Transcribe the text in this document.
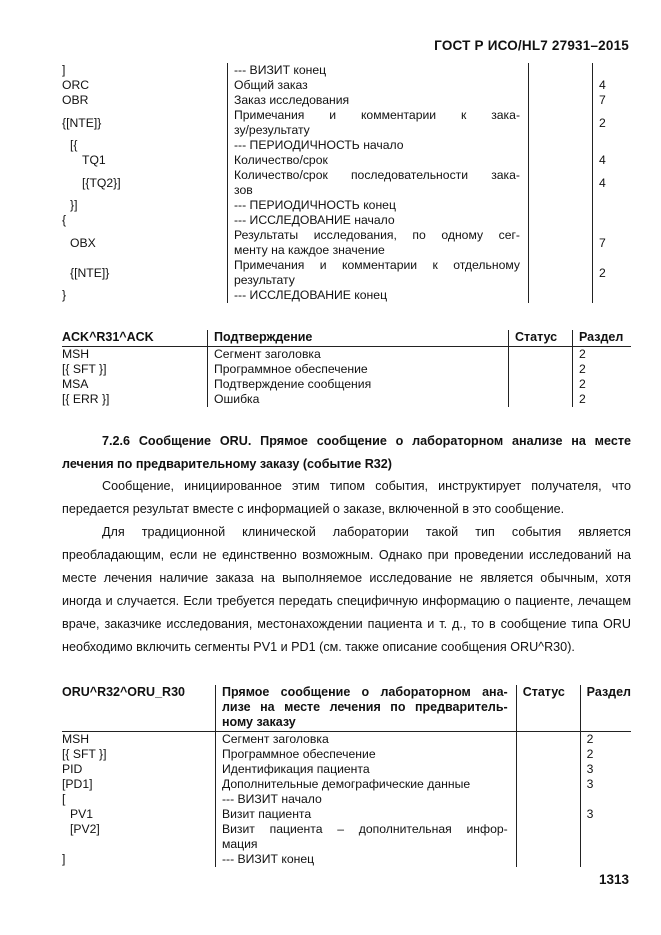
ГОСТ Р ИСО/HL7 27931–2015
]	--- ВИЗИТ конец		
ORC	Общий заказ		4
OBR	Заказ исследования		7
{[NTE]}	Примечания и комментарии к зака-
зу/результату		2
[{	--- ПЕРИОДИЧНОСТЬ начало		
TQ1	Количество/срок		4
[{TQ2}]	Количество/срок последовательности зака-
зов		4
}]	--- ПЕРИОДИЧНОСТЬ конец		
{	--- ИССЛЕДОВАНИЕ начало		
OBX	Результаты исследования, по одному сег-
менту на каждое значение		7
{[NTE]}	Примечания и комментарии к отдельному
результату		2
}	--- ИССЛЕДОВАНИЕ конец		
ACK^R31^ACK	Подтверждение	Статус	Раздел
MSH	Сегмент заголовка		2
[{ SFT }]	Программное обеспечение		2
MSA	Подтверждение сообщения		2
[{ ERR }]	Ошибка		2
7.2.6 Сообщение ORU. Прямое сообщение о лабораторном анализе на месте лечения по предварительному заказу (событие R32)
Сообщение, инициированное этим типом события, инструктирует получателя, что передается результат вместе с информацией о заказе, включенной в это сообщение.
Для традиционной клинической лаборатории такой тип события является преобладающим, если не единственно возможным. Однако при проведении исследований на месте лечения наличие заказа на выполняемое исследование не является обычным, хотя иногда и случается. Если требуется передать специфичную информацию о пациенте, лечащем враче, заказчике исследования, местонахождении пациента и т. д., то в сообщение типа ORU необходимо включить сегменты PV1 и PD1 (см. также описание сообщения ORU^R30).
ORU^R32^ORU_R30	Прямое сообщение о лабораторном ана-
лизе на месте лечения по предваритель-
ному заказу	Статус	Раздел
MSH	Сегмент заголовка		2
[{ SFT }]	Программное обеспечение		2
PID	Идентификация пациента		3
[PD1]	Дополнительные демографические данные		3
[	--- ВИЗИТ начало		
PV1	Визит пациента		3
[PV2]	Визит пациента – дополнительная инфор-
мация		

]	--- ВИЗИТ конец		
1313
